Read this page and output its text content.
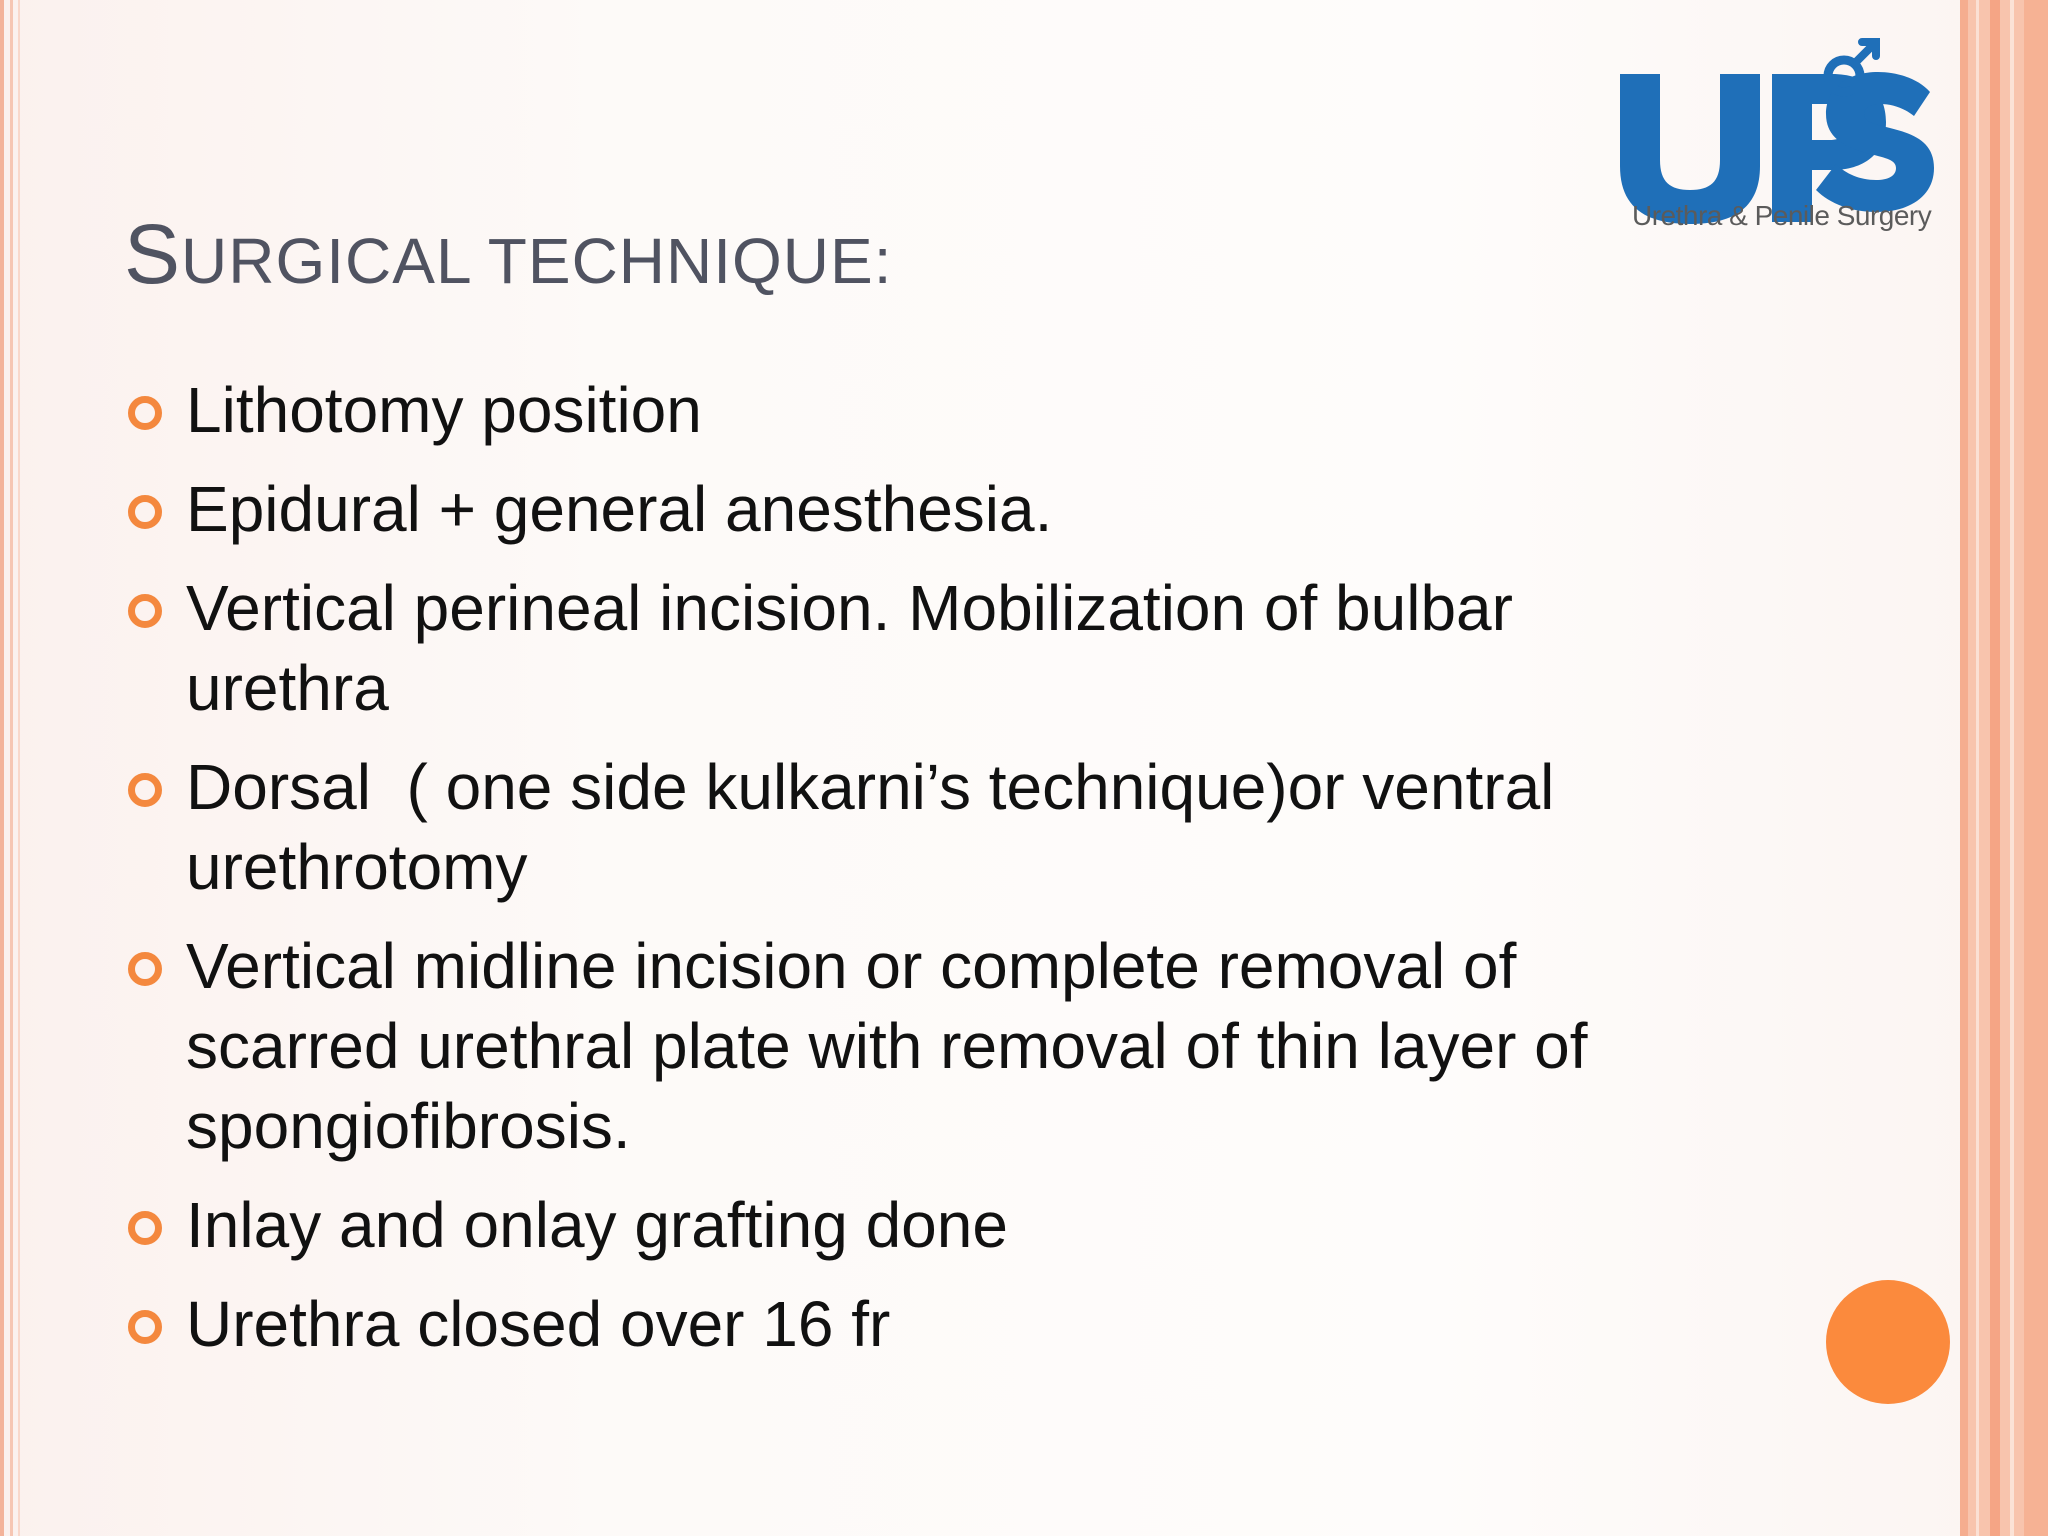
Urethra & Penile Surgery
SURGICAL TECHNIQUE:
Lithotomy position
Epidural + general anesthesia.
Vertical perineal incision. Mobilization of bulbar urethra
Dorsal  ( one side kulkarni’s technique)or ventral urethrotomy
Vertical midline incision or complete removal of scarred urethral plate with removal of thin layer of spongiofibrosis.
Inlay and onlay grafting done
Urethra closed over 16 fr
